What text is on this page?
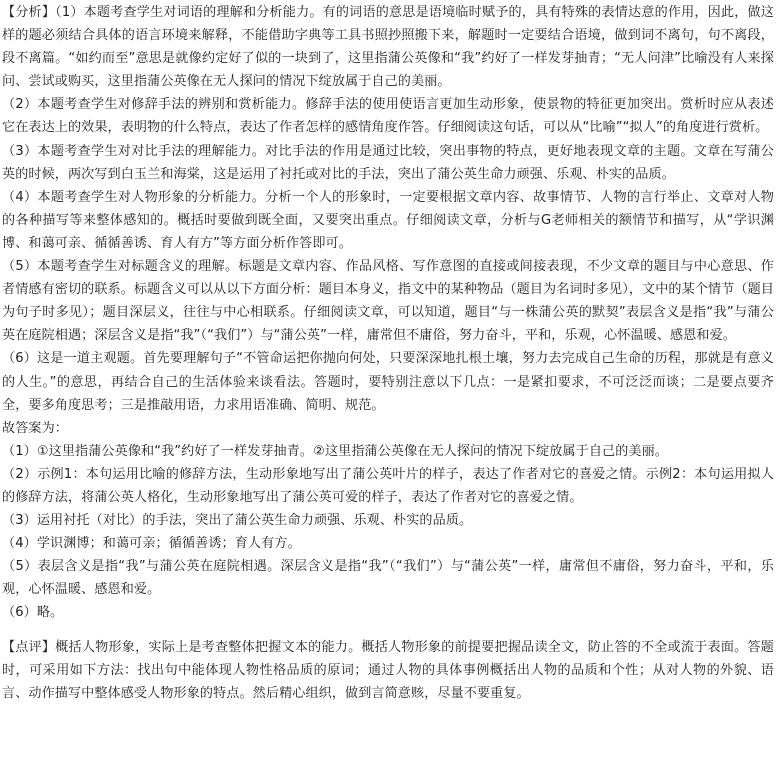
【分析】（1）本题考查学生对词语的理解和分析能力。有的词语的意思是语境临时赋予的，具有特殊的表情达意的作用，因此，做这样的题必须结合具体的语言环境来解释，不能借助字典等工具书照抄照搬下来，解题时一定要结合语境，做到词不离句，句不离段，段不离篇。“如约而至”意思是就像约定好了似的一块到了，这里指蒲公英像和“我”约好了一样发芽抽青；“无人问津”比喻没有人来探问、尝试或购买，这里指蒲公英像在无人探问的情况下绽放属于自己的美丽。

（2）本题考查学生对修辞手法的辨别和赏析能力。修辞手法的使用使语言更加生动形象，使景物的特征更加突出。赏析时应从表述它在表达上的效果，表明物的什么特点，表达了作者怎样的感情角度作答。仔细阅读这句话，可以从“比喻”“拟人”的角度进行赏析。

（3）本题考查学生对对比手法的理解能力。对比手法的作用是通过比较，突出事物的特点，更好地表现文章的主题。文章在写蒲公英的时候，两次写到白玉兰和海棠，这是运用了衬托或对比的手法，突出了蒲公英生命力顽强、乐观、朴实的品质。

（4）本题考查学生对人物形象的分析能力。分析一个人的形象时，一定要根据文章内容、故事情节、人物的言行举止、文章对人物的各种描写等来整体感知的。概括时要做到既全面，又要突出重点。仔细阅读文章，分析与G老师相关的额情节和描写，从“学识渊博、和蔼可亲、循循善诱、育人有方”等方面分析作答即可。

（5）本题考查学生对标题含义的理解。标题是文章内容、作品风格、写作意图的直接或间接表现，不少文章的题目与中心意思、作者情感有密切的联系。标题含义可以从以下方面分析：题目本身义，指文中的某种物品（题目为名词时多见），文中的某个情节（题目为句子时多见）；题目深层义，往往与中心相联系。仔细阅读文章，可以知道，题目“与一株蒲公英的默契”表层含义是指“我”与蒲公英在庭院相遇；深层含义是指“我”（“我们”）与“蒲公英”一样，庸常但不庸俗，努力奋斗，平和，乐观，心怀温暖、感恩和爱。

（6）这是一道主观题。首先要理解句子“不管命运把你抛向何处，只要深深地扎根土壤，努力去完成自己生命的历程，那就是有意义的人生。”的意思，再结合自己的生活体验来谈看法。答题时，要特别注意以下几点：一是紧扣要求，不可泛泛而谈；二是要点要齐全，要多角度思考；三是推敲用语，力求用语准确、简明、规范。

故答案为：

（1）①这里指蒲公英像和“我”约好了一样发芽抽青。②这里指蒲公英像在无人探问的情况下绽放属于自己的美丽。

（2）示例1：本句运用比喻的修辞方法，生动形象地写出了蒲公英叶片的样子，表达了作者对它的喜爱之情。示例2：本句运用拟人的修辞方法，将蒲公英人格化，生动形象地写出了蒲公英可爱的样子，表达了作者对它的喜爱之情。

（3）运用衬托（对比）的手法，突出了蒲公英生命力顽强、乐观、朴实的品质。

（4）学识渊博；和蔼可亲；循循善诱；育人有方。

（5）表层含义是指“我”与蒲公英在庭院相遇。深层含义是指“我”（“我们”）与“蒲公英”一样，庸常但不庸俗，努力奋斗，平和，乐观，心怀温暖、感恩和爱。

（6）略。

【点评】概括人物形象，实际上是考查整体把握文本的能力。概括人物形象的前提要把握品读全文，防止答的不全或流于表面。答题时，可采用如下方法：找出句中能体现人物性格品质的原词；通过人物的具体事例概括出人物的品质和个性；从对人物的外貌、语言、动作描写中整体感受人物形象的特点。然后精心组织，做到言简意赅，尽量不要重复。
